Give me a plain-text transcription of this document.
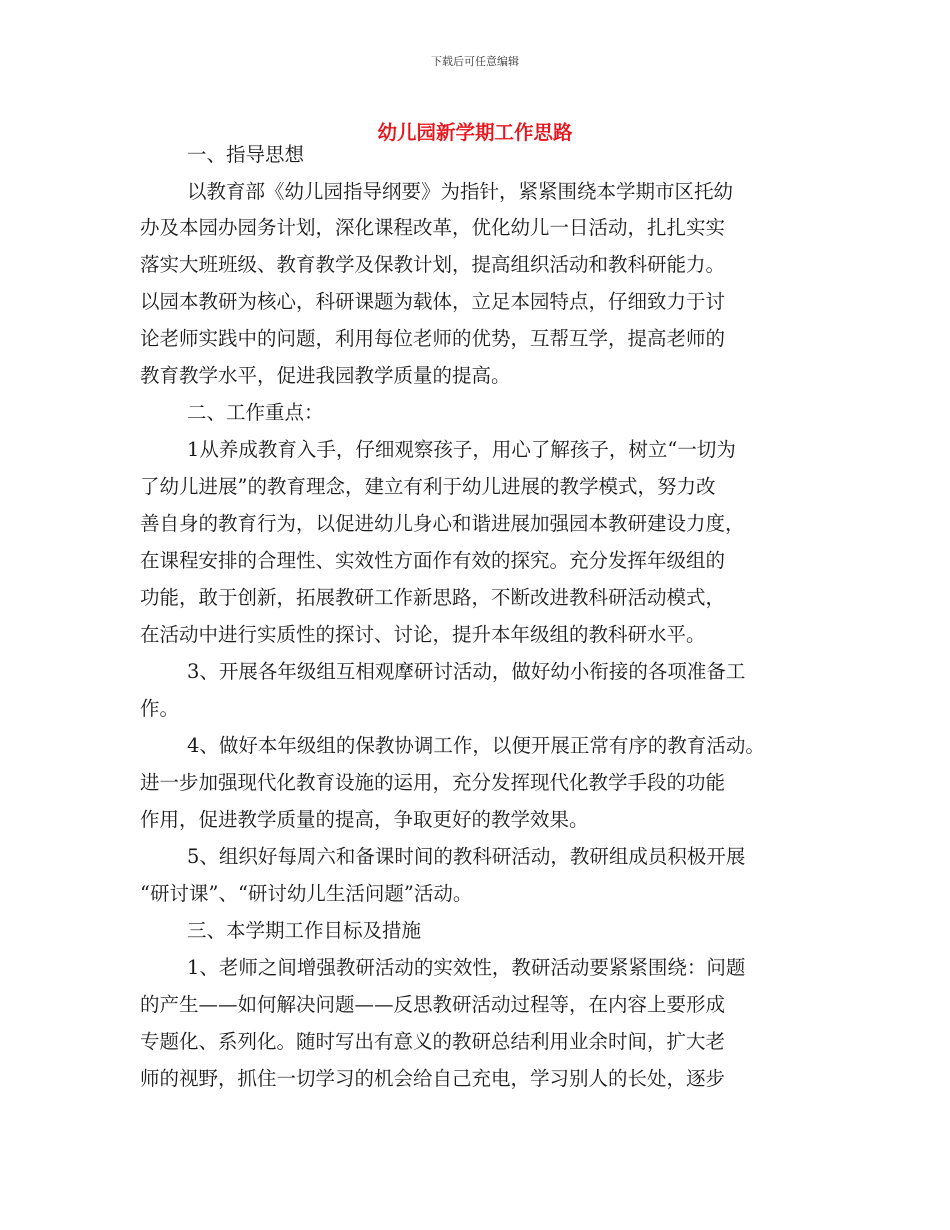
下载后可任意编辑
幼儿园新学期工作思路
一、指导思想
以教育部《幼儿园指导纲要》为指针，紧紧围绕本学期市区托幼
办及本园办园务计划，深化课程改革，优化幼儿一日活动，扎扎实实
落实大班班级、教育教学及保教计划，提高组织活动和教科研能力。
以园本教研为核心，科研课题为载体，立足本园特点，仔细致力于讨
论老师实践中的问题，利用每位老师的优势，互帮互学，提高老师的
教育教学水平，促进我园教学质量的提高。
二、工作重点：
1从养成教育入手，仔细观察孩子，用心了解孩子，树立“一切为
了幼儿进展”的教育理念，建立有利于幼儿进展的教学模式，努力改
善自身的教育行为，以促进幼儿身心和谐进展加强园本教研建设力度，
在课程安排的合理性、实效性方面作有效的探究。充分发挥年级组的
功能，敢于创新，拓展教研工作新思路，不断改进教科研活动模式，
在活动中进行实质性的探讨、讨论，提升本年级组的教科研水平。
3、开展各年级组互相观摩研讨活动，做好幼小衔接的各项准备工
作。
4、做好本年级组的保教协调工作，以便开展正常有序的教育活动。
进一步加强现代化教育设施的运用，充分发挥现代化教学手段的功能
作用，促进教学质量的提高，争取更好的教学效果。
5、组织好每周六和备课时间的教科研活动，教研组成员积极开展
“研讨课”、“研讨幼儿生活问题”活动。
三、本学期工作目标及措施
1、老师之间增强教研活动的实效性，教研活动要紧紧围绕：问题
的产生——如何解决问题——反思教研活动过程等，在内容上要形成
专题化、系列化。随时写出有意义的教研总结利用业余时间，扩大老
师的视野，抓住一切学习的机会给自己充电，学习别人的长处，逐步
